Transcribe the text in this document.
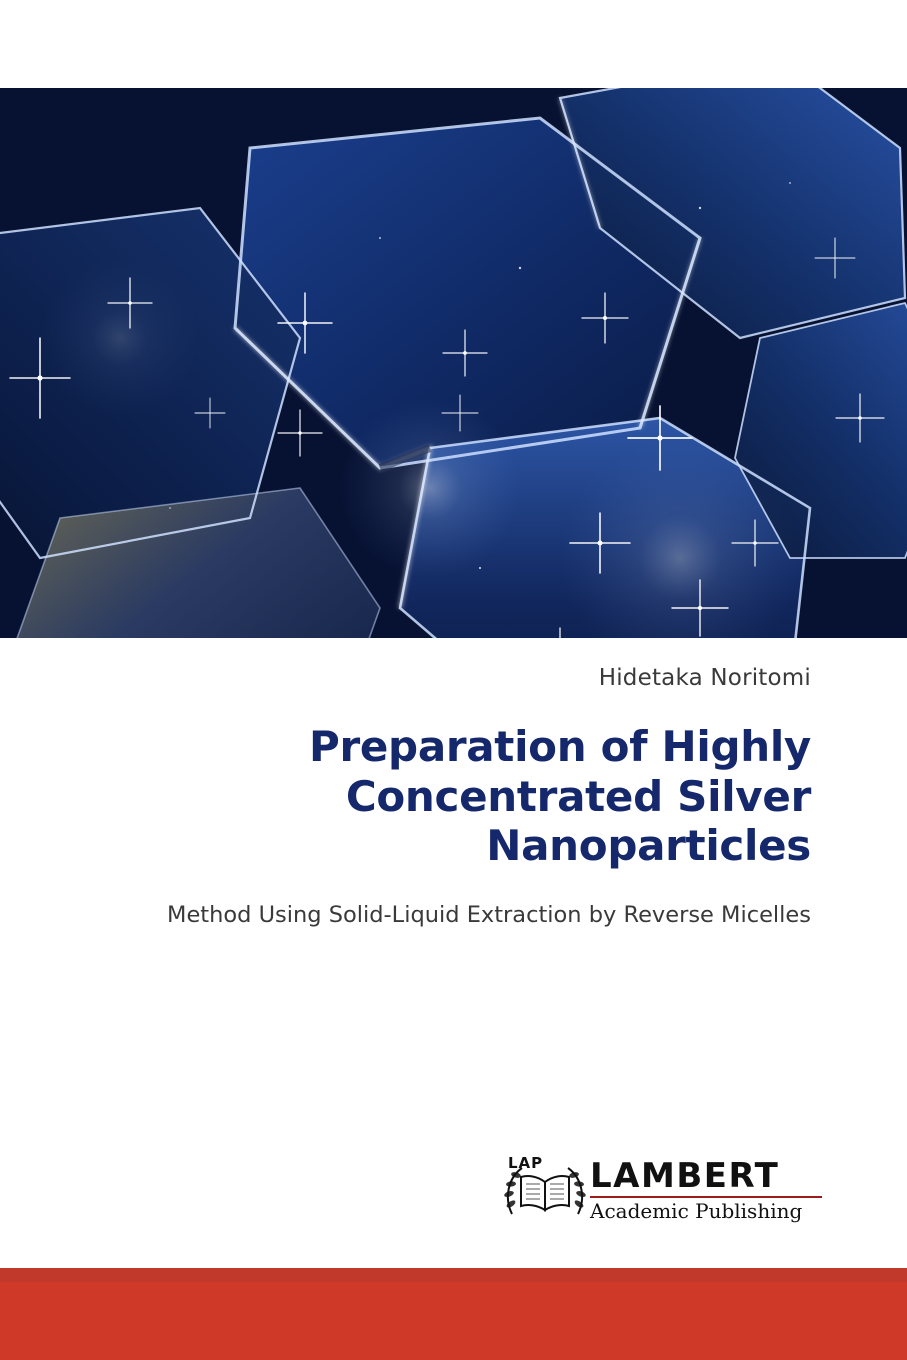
Hidetaka Noritomi
Preparation of Highly Concentrated Silver Nanoparticles
Method Using Solid-Liquid Extraction by Reverse Micelles
LAP LAMBERT
Academic Publishing
